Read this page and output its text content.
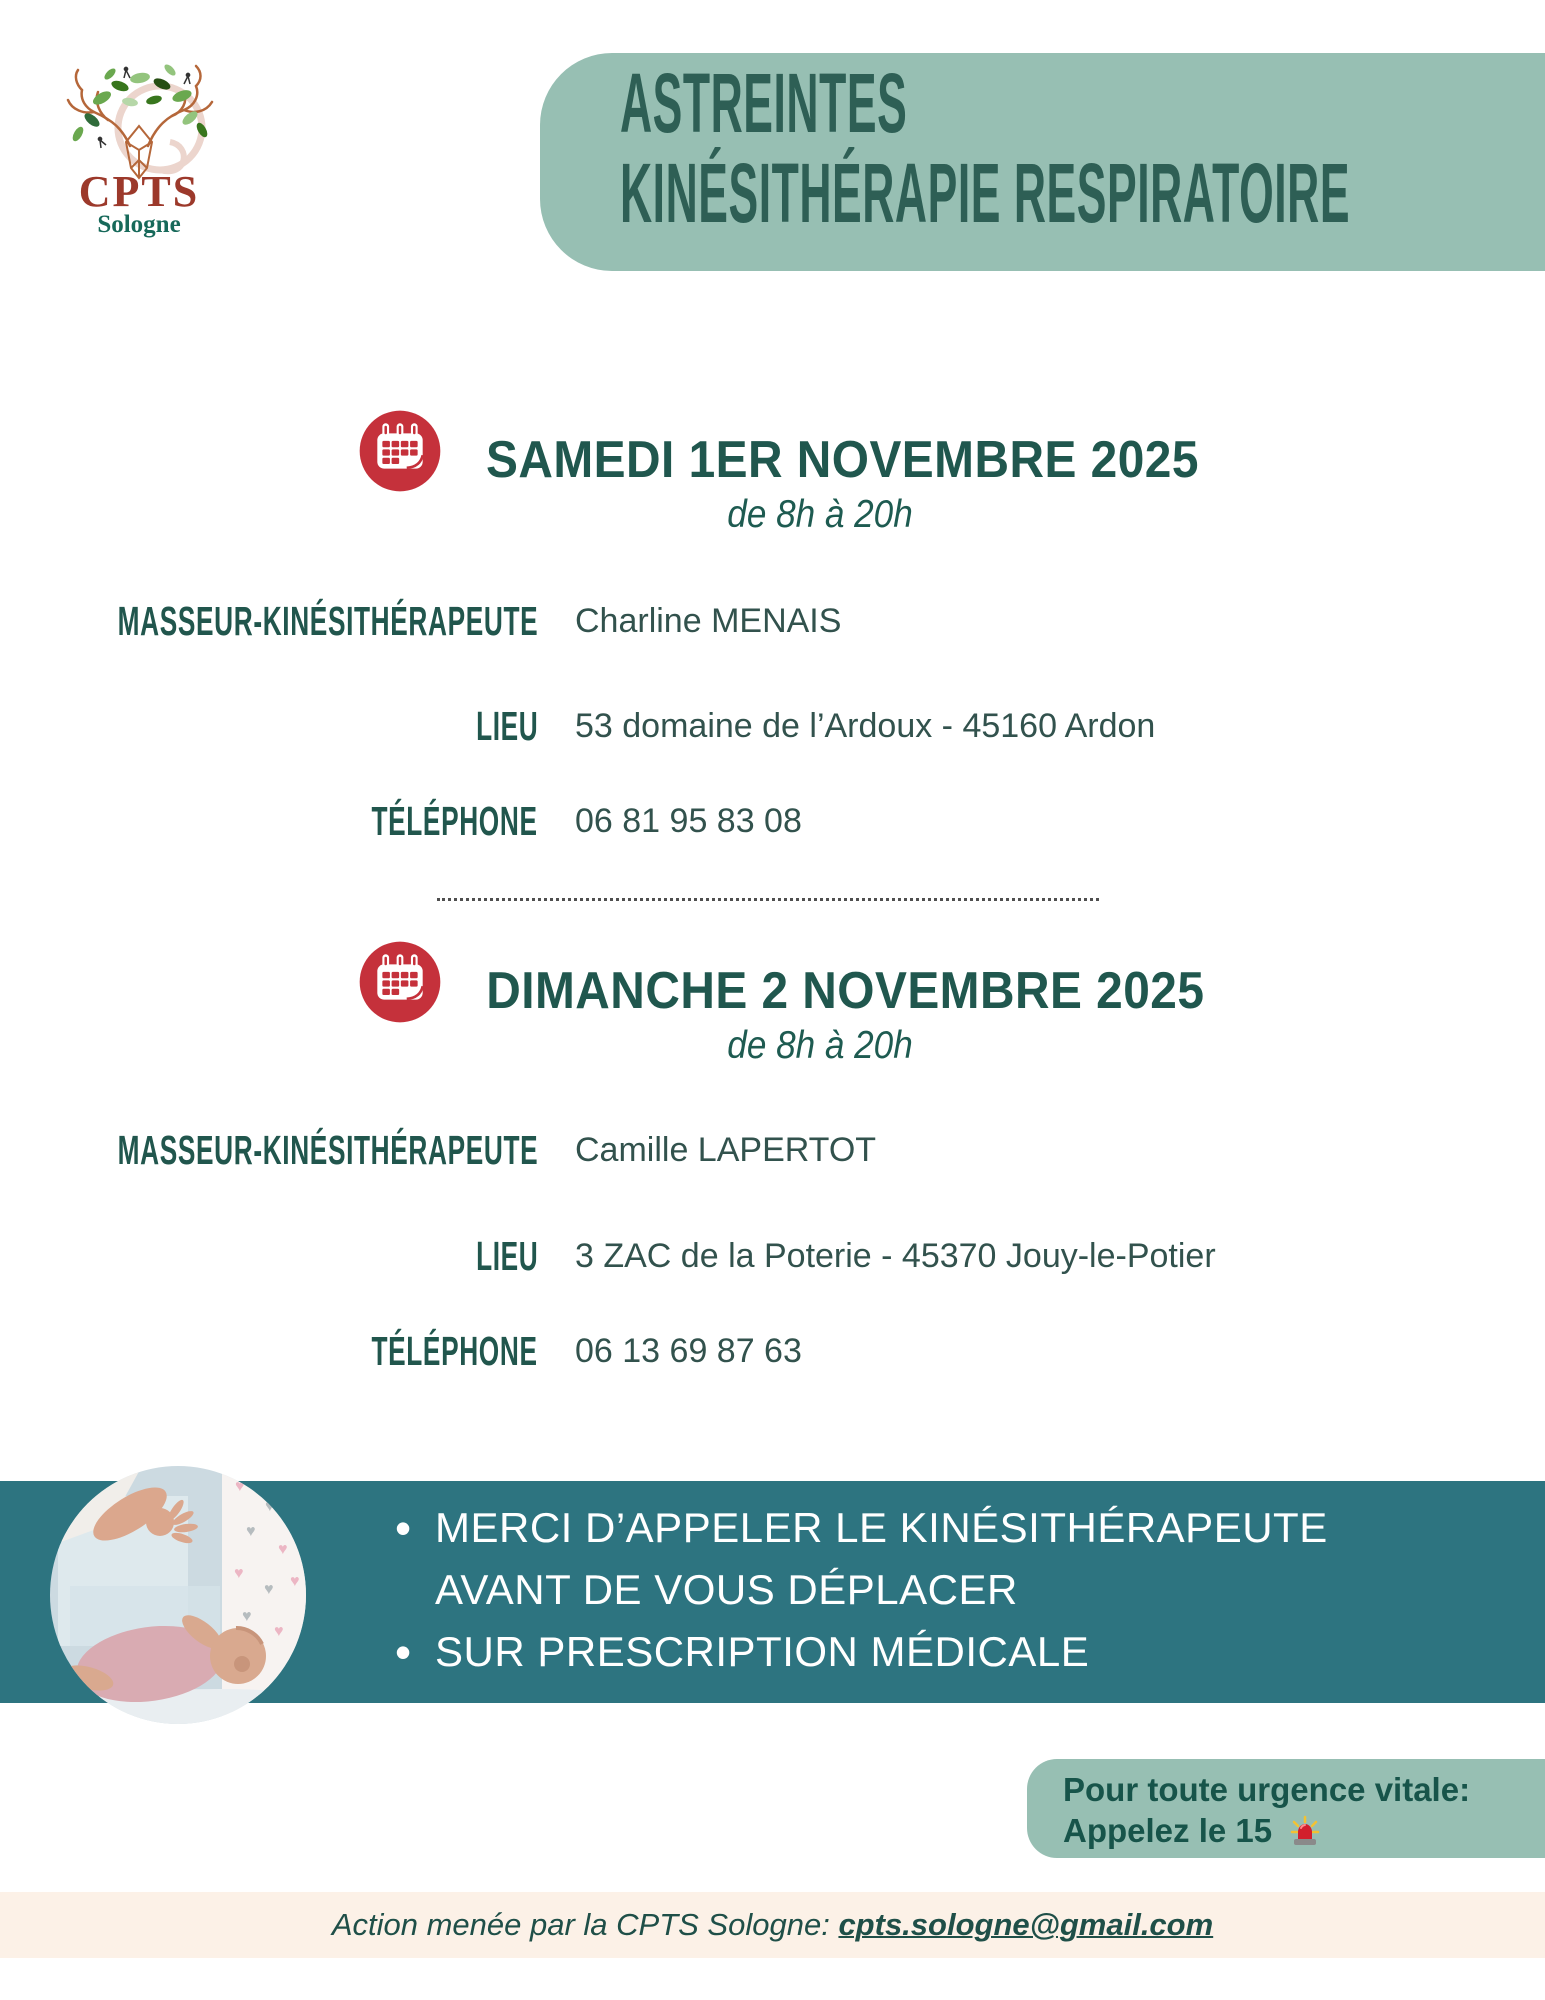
CPTS
Sologne
ASTREINTES
KINÉSITHÉRAPIE RESPIRATOIRE
SAMEDI 1ER NOVEMBRE 2025
de 8h à 20h
MASSEUR-KINÉSITHÉRAPEUTE Charline MENAIS
LIEU 53 domaine de l’Ardoux - 45160 Ardon
TÉLÉPHONE 06 81 95 83 08
DIMANCHE 2 NOVEMBRE 2025
de 8h à 20h
MASSEUR-KINÉSITHÉRAPEUTE Camille LAPERTOT
LIEU 3 ZAC de la Poterie - 45370 Jouy-le-Potier
TÉLÉPHONE 06 13 69 87 63
• MERCI D’APPELER LE KINÉSITHÉRAPEUTE AVANT DE VOUS DÉPLACER
• SUR PRESCRIPTION MÉDICALE
♥
♥
♥
♥
♥
♥ ♥
♥
♥
Pour toute urgence vitale:
Appelez le 15
Action menée par la CPTS Sologne: cpts.sologne@gmail.com
